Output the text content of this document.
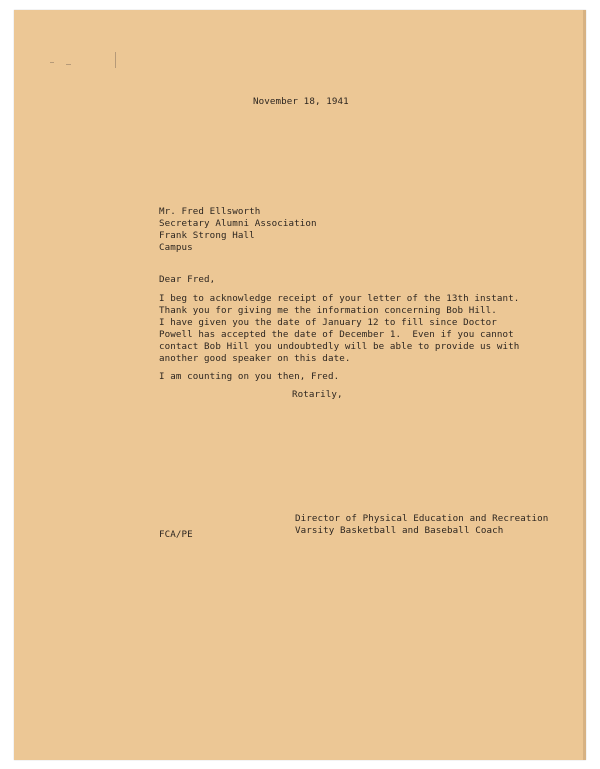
November 18, 1941
Mr. Fred Ellsworth
Secretary Alumni Association
Frank Strong Hall
Campus
Dear Fred,
I beg to acknowledge receipt of your letter of the 13th instant.
Thank you for giving me the information concerning Bob Hill.
I have given you the date of January 12 to fill since Doctor
Powell has accepted the date of December 1.  Even if you cannot
contact Bob Hill you undoubtedly will be able to provide us with
another good speaker on this date.
I am counting on you then, Fred.
Rotarily,
Director of Physical Education and Recreation
Varsity Basketball and Baseball Coach
FCA/PE
